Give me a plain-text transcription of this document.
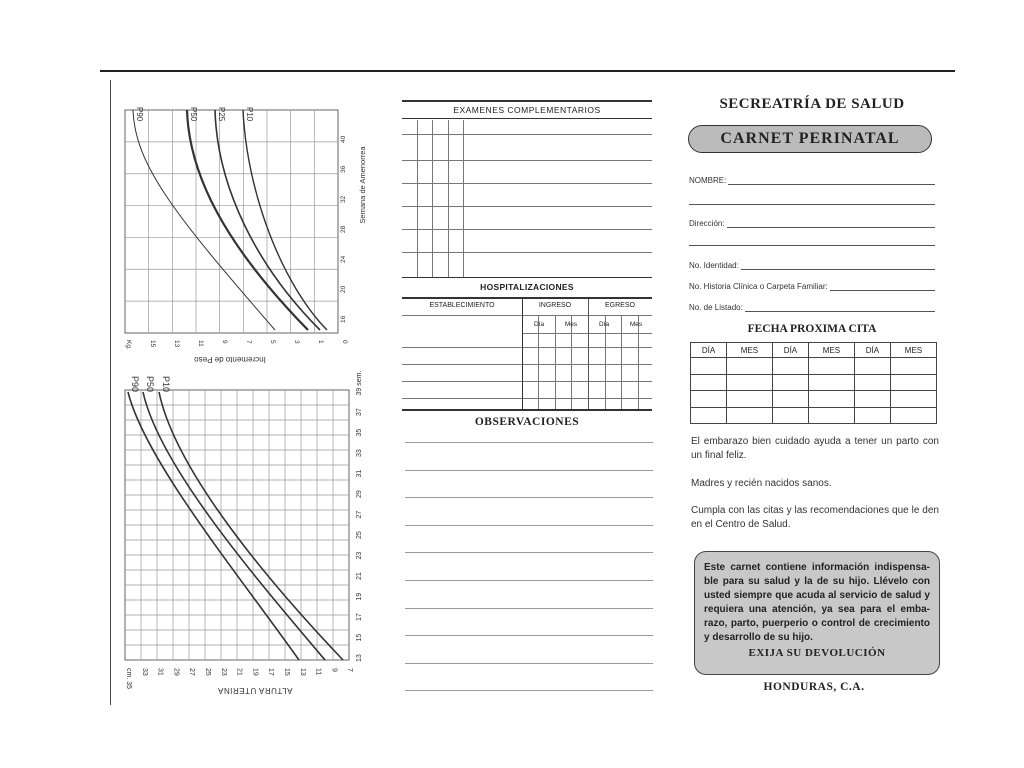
P90	P50 P25 P10
16
20
24
28
32
36
40
Semana de Amenorrea
Kg.	15	13	11	9	7	5	3	1	0
Incremento de Peso
P90 P50 P10
13
15
17
19
21
23
25
27
29
31
33
35
37
39 sem.
cm. 35 33 31 29 27 25 23 21 19 17 15 13 11 9 7
ALTURA UTERINA
EXAMENES COMPLEMENTARIOS
HOSPITALIZACIONES
ESTABLECIMIENTO	INGRESO	EGRESO
Día	Mes	Día	Mes
OBSERVACIONES
SECREATRÍA DE SALUD
CARNET PERINATAL
NOMBRE:
Dirección:
No. Identidad:
No. Historia Clínica o Carpeta Familiar:
No. de Listado:
FECHA PROXIMA CITA
DÍA	MES	DÍA	MES	DÍA	MES

El embarazo bien cuidado ayuda a tener un parto con un final feliz.
Madres y recién nacidos sanos.
Cumpla con las citas y las recomendaciones que le den en el Centro de Salud.
Este carnet contiene información indispensa-ble para su salud y la de su hijo. Llévelo con usted siempre que acuda al servicio de salud y requiera una atención, ya sea para el emba-razo, parto, puerperio o control de crecimiento y desarrollo de su hijo.
EXIJA SU DEVOLUCIÓN
HONDURAS, C.A.
